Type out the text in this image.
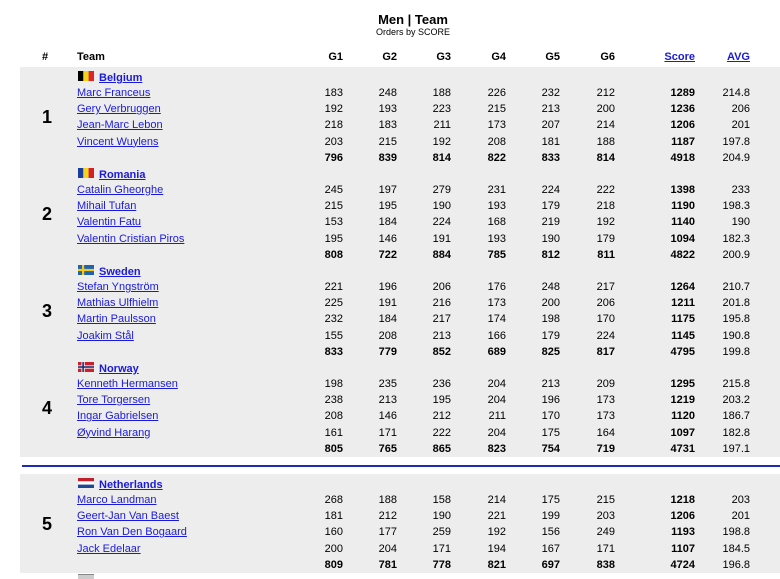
Men | Team
Orders by SCORE
#	Team	G1	G2	G3	G4	G5	G6	Score	AVG
1
Belgium
Marc Franceus	183	248	188	226	232	212	1289	214.8
Gery Verbruggen	192	193	223	215	213	200	1236	206
Jean-Marc Lebon	218	183	211	173	207	214	1206	201
Vincent Wuylens	203	215	192	208	181	188	1187	197.8
796	839	814	822	833	814	4918	204.9
2
Romania
Catalin Gheorghe	245	197	279	231	224	222	1398	233
Mihail Tufan	215	195	190	193	179	218	1190	198.3
Valentin Fatu	153	184	224	168	219	192	1140	190
Valentin Cristian Piros	195	146	191	193	190	179	1094	182.3
808	722	884	785	812	811	4822	200.9
3
Sweden
Stefan Yngström	221	196	206	176	248	217	1264	210.7
Mathias Ulfhielm	225	191	216	173	200	206	1211	201.8
Martin Paulsson	232	184	217	174	198	170	1175	195.8
Joakim Stål	155	208	213	166	179	224	1145	190.8
833	779	852	689	825	817	4795	199.8
4
Norway
Kenneth Hermansen	198	235	236	204	213	209	1295	215.8
Tore Torgersen	238	213	195	204	196	173	1219	203.2
Ingar Gabrielsen	208	146	212	211	170	173	1120	186.7
Øyvind Harang	161	171	222	204	175	164	1097	182.8
805	765	865	823	754	719	4731	197.1
5
Netherlands
Marco Landman	268	188	158	214	175	215	1218	203
Geert-Jan Van Baest	181	212	190	221	199	203	1206	201
Ron Van Den Bogaard	160	177	259	192	156	249	1193	198.8
Jack Edelaar	200	204	171	194	167	171	1107	184.5
809	781	778	821	697	838	4724	196.8
